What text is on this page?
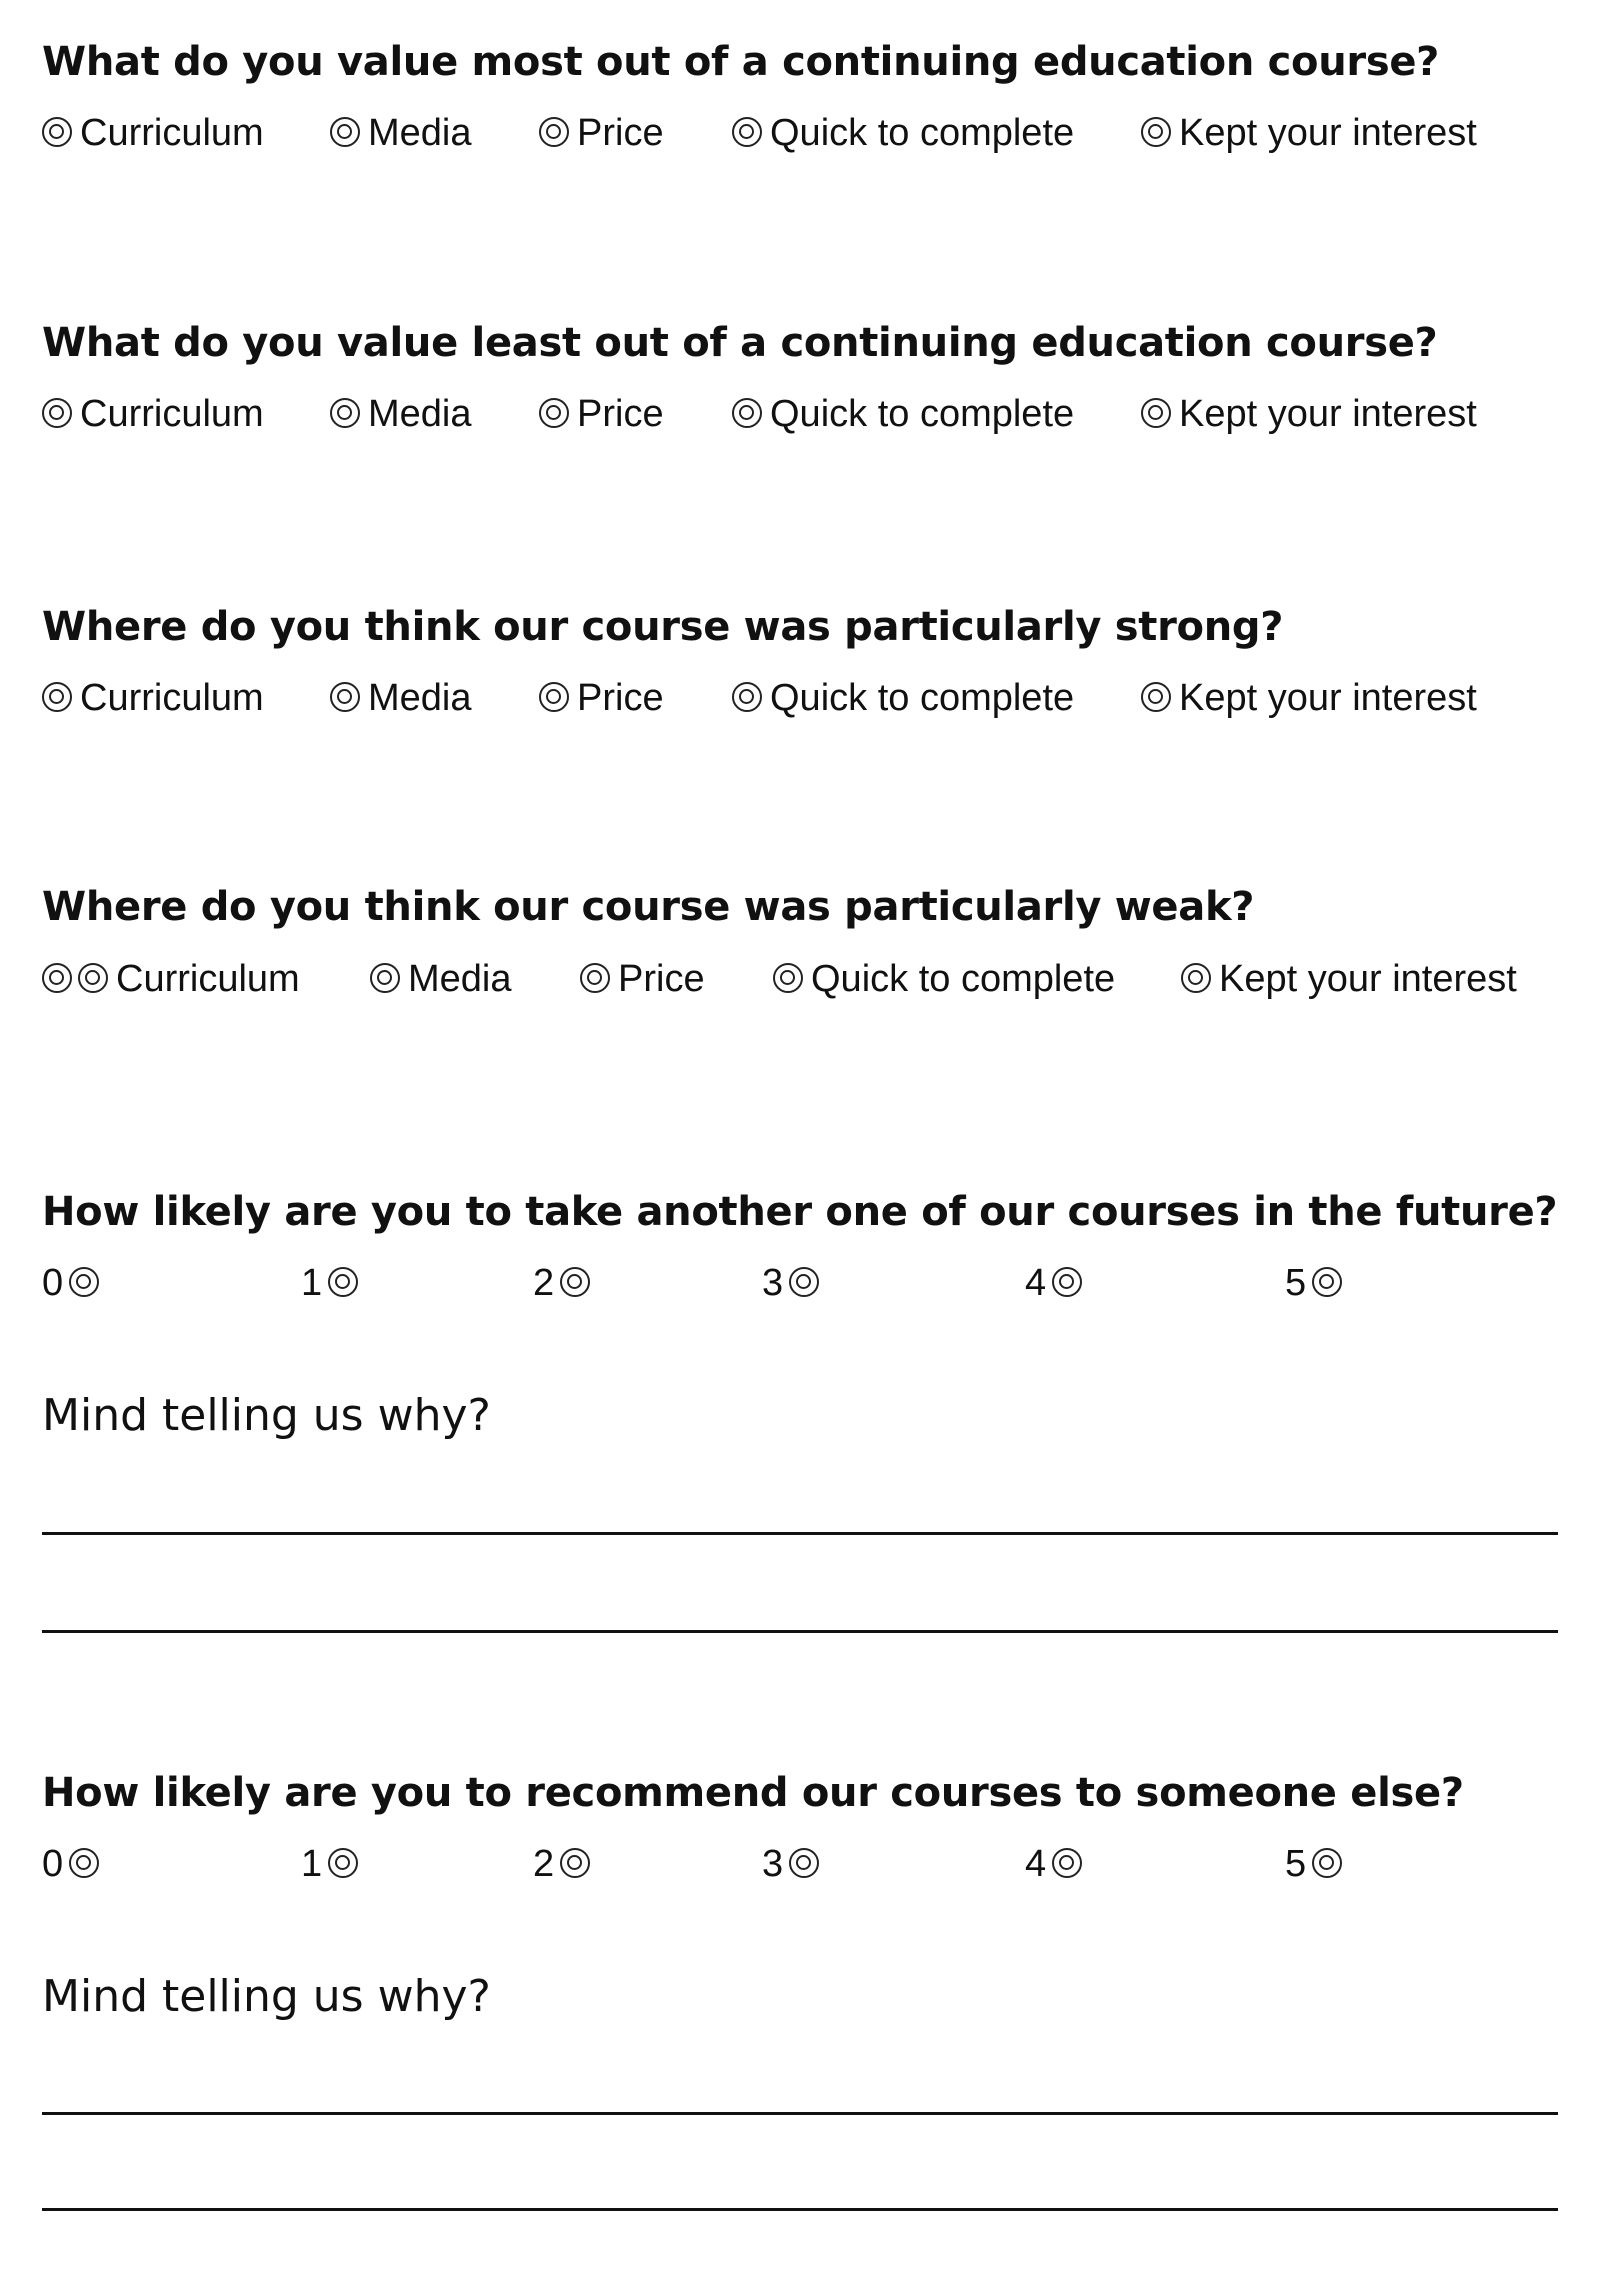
What do you value most out of a continuing education course?
Curriculum	Media	Price	Quick to complete	Kept your interest
What do you value least out of a continuing education course?
Curriculum	Media	Price	Quick to complete	Kept your interest
Where do you think our course was particularly strong?
Curriculum	Media	Price	Quick to complete	Kept your interest
Where do you think our course was particularly weak?
Curriculum	Media	Price	Quick to complete	Kept your interest
How likely are you to take another one of our courses in the future?
0	1	2	3	4	5

Mind telling us why?

How likely are you to recommend our courses to someone else?
0	1	2	3	4	5

Mind telling us why?
